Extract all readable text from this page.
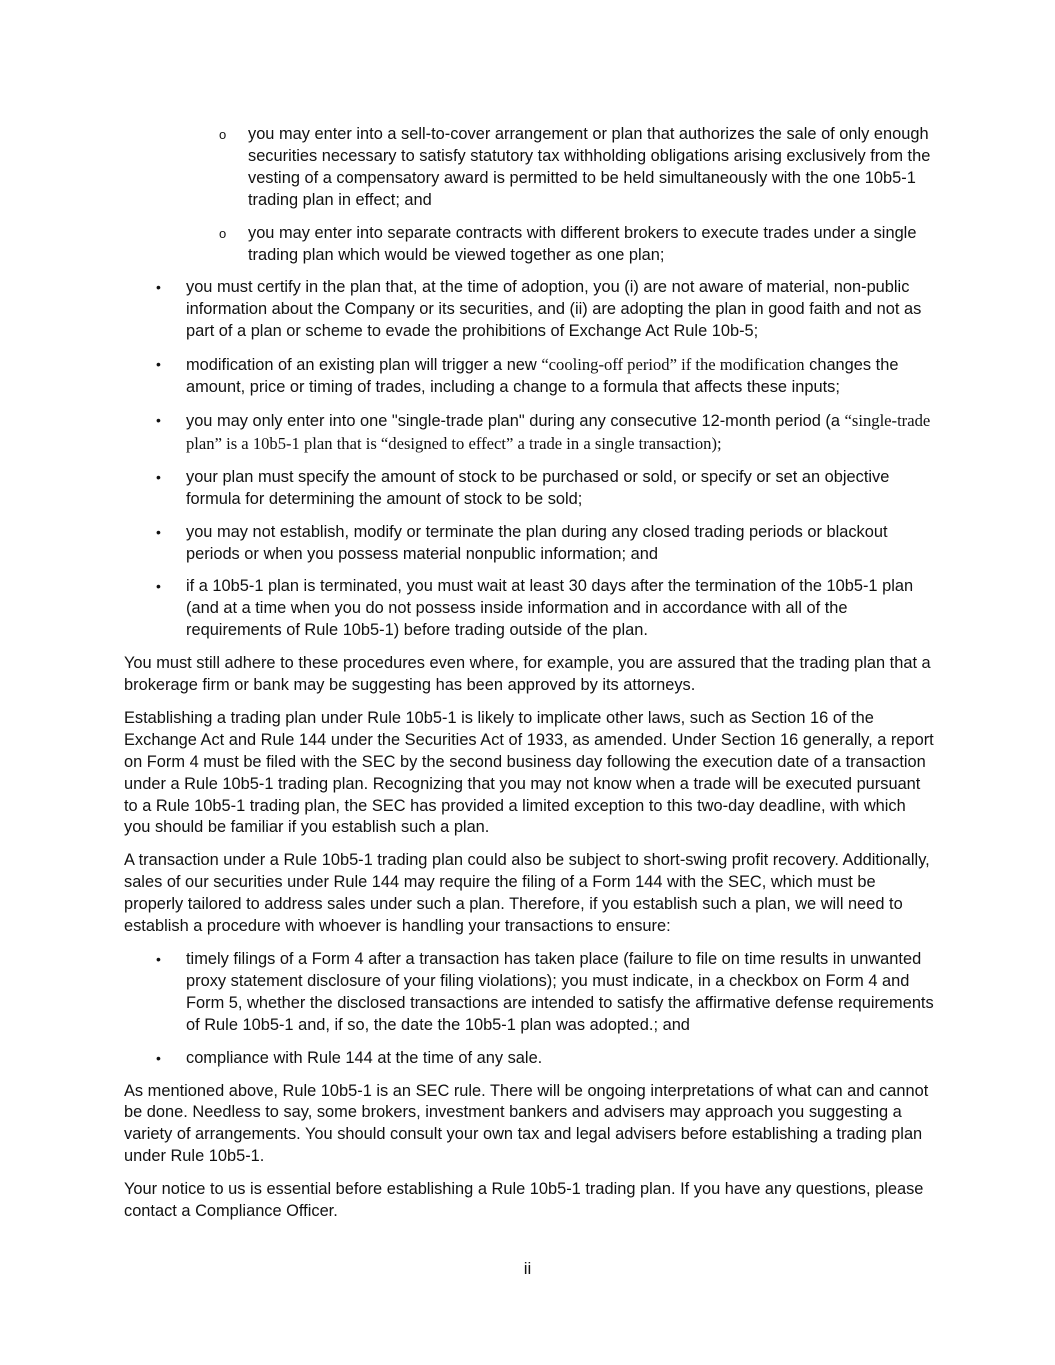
o you may enter into a sell-to-cover arrangement or plan that authorizes the sale of only enough securities necessary to satisfy statutory tax withholding obligations arising exclusively from the vesting of a compensatory award is permitted to be held simultaneously with the one 10b5-1 trading plan in effect; and
o you may enter into separate contracts with different brokers to execute trades under a single trading plan which would be viewed together as one plan;
• you must certify in the plan that, at the time of adoption, you (i) are not aware of material, non-public information about the Company or its securities, and (ii) are adopting the plan in good faith and not as part of a plan or scheme to evade the prohibitions of Exchange Act Rule 10b-5;
• modification of an existing plan will trigger a new “cooling-off period” if the modification changes the amount, price or timing of trades, including a change to a formula that affects these inputs;
• you may only enter into one "single-trade plan" during any consecutive 12-month period (a “single-trade plan” is a 10b5-1 plan that is “designed to effect” a trade in a single transaction);
• your plan must specify the amount of stock to be purchased or sold, or specify or set an objective formula for determining the amount of stock to be sold;
• you may not establish, modify or terminate the plan during any closed trading periods or blackout periods or when you possess material nonpublic information; and
• if a 10b5-1 plan is terminated, you must wait at least 30 days after the termination of the 10b5-1 plan (and at a time when you do not possess inside information and in accordance with all of the requirements of Rule 10b5-1) before trading outside of the plan.

You must still adhere to these procedures even where, for example, you are assured that the trading plan that a brokerage firm or bank may be suggesting has been approved by its attorneys.

Establishing a trading plan under Rule 10b5-1 is likely to implicate other laws, such as Section 16 of the Exchange Act and Rule 144 under the Securities Act of 1933, as amended. Under Section 16 generally, a report on Form 4 must be filed with the SEC by the second business day following the execution date of a transaction under a Rule 10b5-1 trading plan. Recognizing that you may not know when a trade will be executed pursuant to a Rule 10b5-1 trading plan, the SEC has provided a limited exception to this two-day deadline, with which you should be familiar if you establish such a plan.

A transaction under a Rule 10b5-1 trading plan could also be subject to short-swing profit recovery. Additionally, sales of our securities under Rule 144 may require the filing of a Form 144 with the SEC, which must be properly tailored to address sales under such a plan. Therefore, if you establish such a plan, we will need to establish a procedure with whoever is handling your transactions to ensure:

• timely filings of a Form 4 after a transaction has taken place (failure to file on time results in unwanted proxy statement disclosure of your filing violations); you must indicate, in a checkbox on Form 4 and Form 5, whether the disclosed transactions are intended to satisfy the affirmative defense requirements of Rule 10b5-1 and, if so, the date the 10b5-1 plan was adopted.; and
• compliance with Rule 144 at the time of any sale.

As mentioned above, Rule 10b5-1 is an SEC rule. There will be ongoing interpretations of what can and cannot be done. Needless to say, some brokers, investment bankers and advisers may approach you suggesting a variety of arrangements. You should consult your own tax and legal advisers before establishing a trading plan under Rule 10b5-1.

Your notice to us is essential before establishing a Rule 10b5-1 trading plan. If you have any questions, please contact a Compliance Officer.

ii
